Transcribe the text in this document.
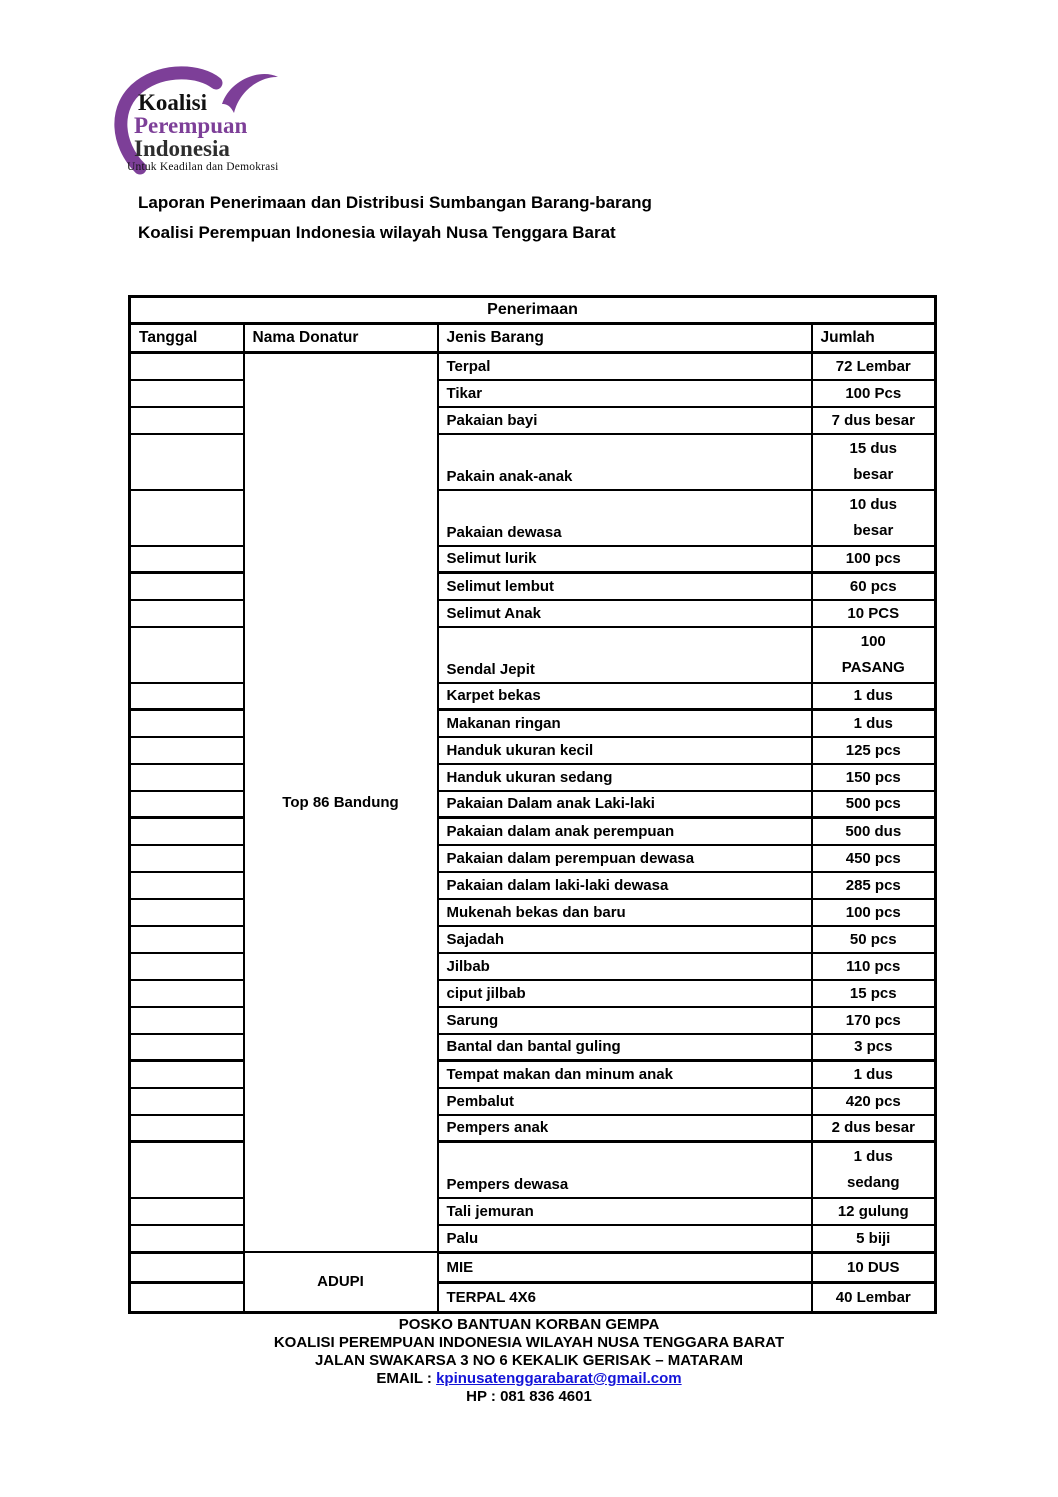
Koalisi
Perempuan
Indonesia
Untuk Keadilan dan Demokrasi
Laporan Penerimaan dan Distribusi Sumbangan Barang-barang
Koalisi Perempuan Indonesia wilayah Nusa Tenggara Barat
Penerimaan			
Tanggal	Nama Donatur	Jenis Barang	Jumlah
	Top 86 Bandung	Terpal	72 Lembar
		Tikar	100 Pcs
		Pakaian bayi	7 dus besar
		Pakain anak-anak	15 dus
besar

		Pakaian dewasa	10 dus
besar

		Selimut lurik	100 pcs
		Selimut lembut	60 pcs
		Selimut Anak	10 PCS
		Sendal Jepit	100
PASANG

		Karpet bekas	1 dus
		Makanan ringan	1 dus
		Handuk ukuran kecil	125 pcs
		Handuk ukuran sedang	150 pcs
		Pakaian Dalam anak Laki-laki	500 pcs
		Pakaian dalam anak perempuan	500 dus
		Pakaian dalam perempuan dewasa	450 pcs
		Pakaian dalam laki-laki dewasa	285 pcs
		Mukenah bekas dan baru	100 pcs
		Sajadah	50 pcs
		Jilbab	110 pcs
		ciput jilbab	15 pcs
		Sarung	170 pcs
		Bantal dan bantal guling	3 pcs
		Tempat makan dan minum anak	1 dus
		Pembalut	420 pcs
		Pempers anak	2 dus besar
		Pempers dewasa	1 dus
sedang

		Tali jemuran	12 gulung
		Palu	5 biji
	ADUPI	MIE	10 DUS
		TERPAL 4X6	40 Lembar
POSKO BANTUAN KORBAN GEMPA
KOALISI PEREMPUAN INDONESIA WILAYAH NUSA TENGGARA BARAT
JALAN SWAKARSA 3 NO 6 KEKALIK GERISAK – MATARAM
EMAIL : kpinusatenggarabarat@gmail.com
HP : 081 836 4601
